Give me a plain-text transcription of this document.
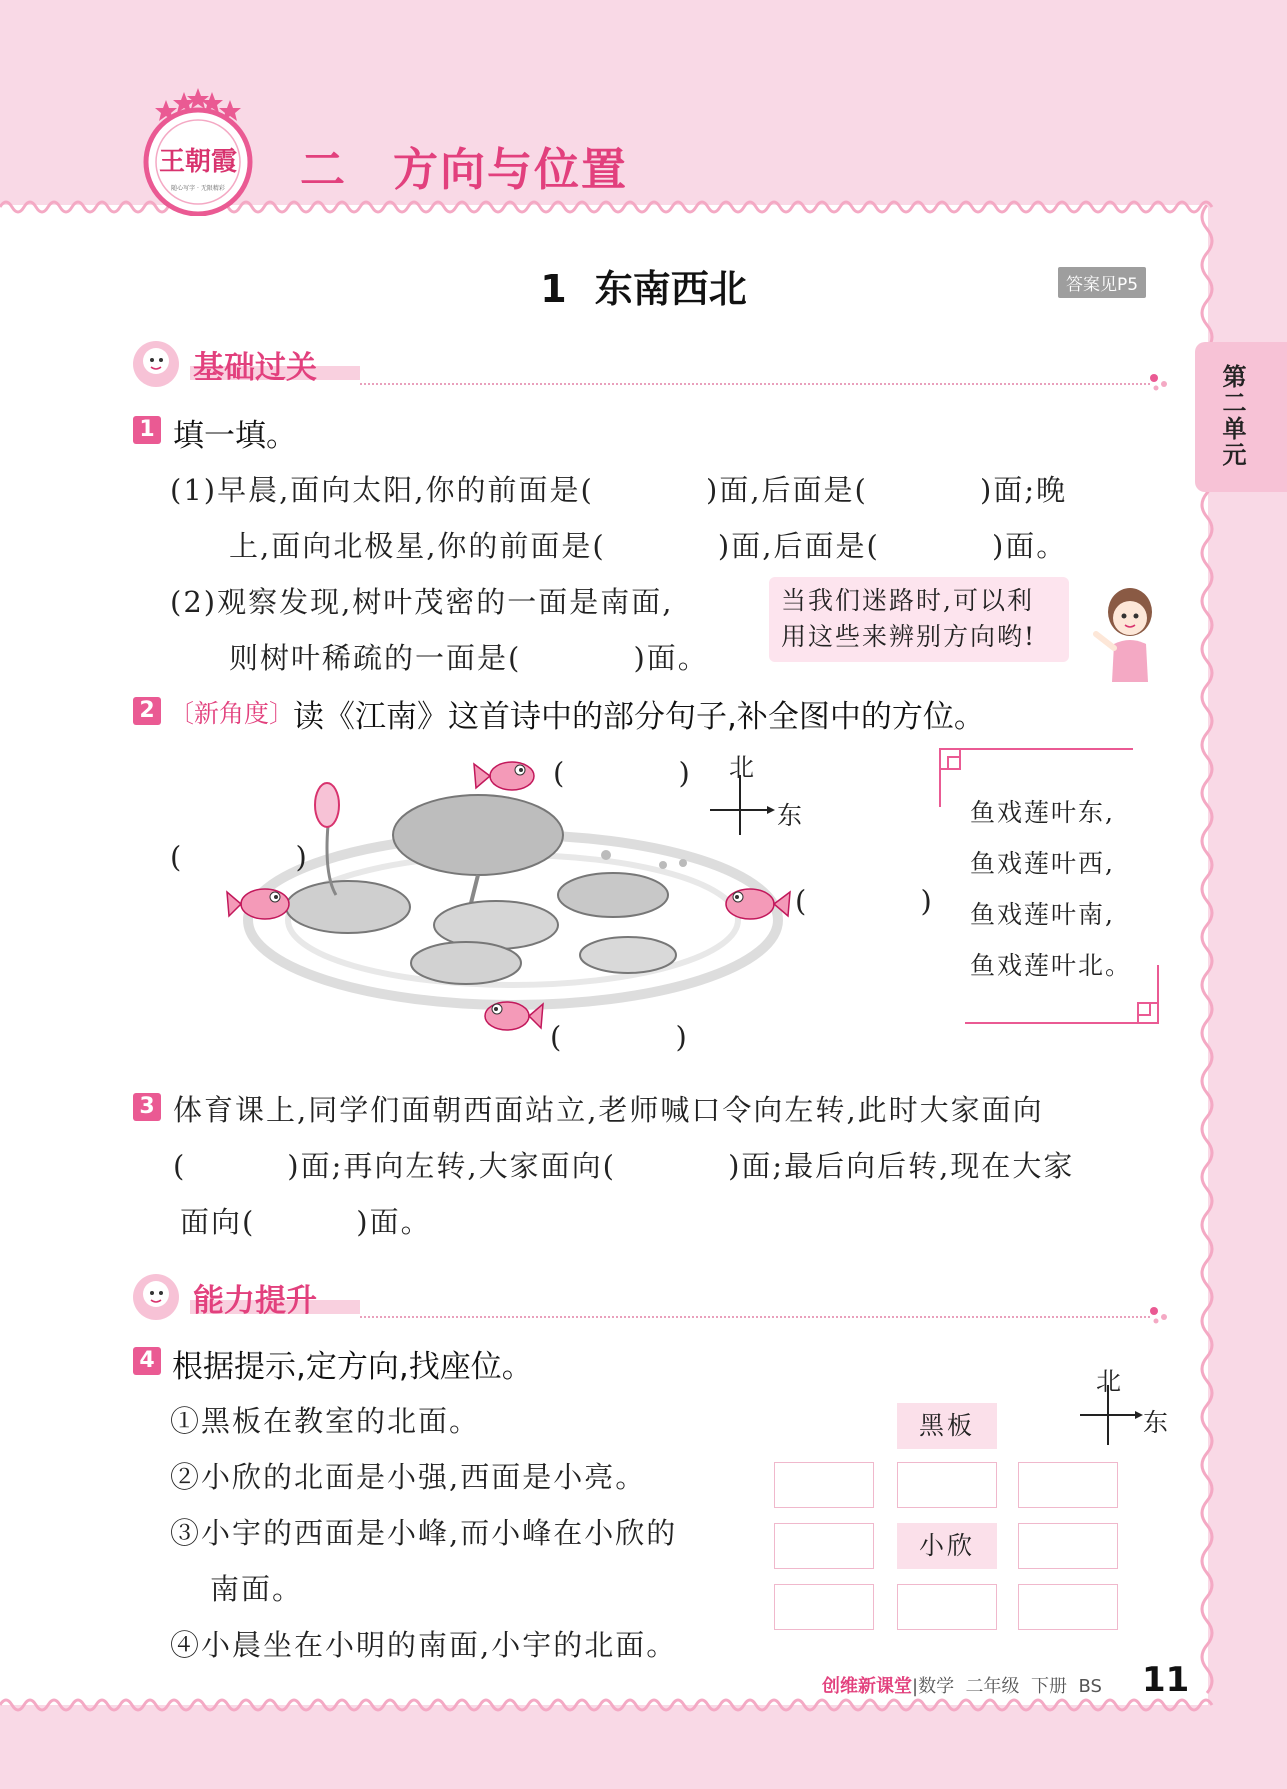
王朝霞
随心写字 · 无限精彩 二 方向与位置
1 东南西北	答案见P5
第二单元
基础过关
1 填一填。
(1)早晨,面向太阳,你的前面是(          )面,后面是(          )面;晚
上,面向北极星,你的前面是(          )面,后面是(          )面。
(2)观察发现,树叶茂密的一面是南面,
则树叶稀疏的一面是(          )面。
当我们迷路时,可以利
用这些来辨别方向哟!
2 〔新角度〕
读《江南》这首诗中的部分句子,补全图中的方位。
(          )
(          )
(          )
(          )
北
东	鱼戏莲叶东,
鱼戏莲叶西,
鱼戏莲叶南,
鱼戏莲叶北。
3 体育课上,同学们面朝西面站立,老师喊口令向左转,此时大家面向
(         )面;再向左转,大家面向(          )面;最后向后转,现在大家
面向(         )面。
能力提升
4 根据提示,定方向,找座位。
①黑板在教室的北面。
②小欣的北面是小强,西面是小亮。
③小宇的西面是小峰,而小峰在小欣的
南面。
④小晨坐在小明的南面,小宇的北面。
黑板
小欣
北
东
创维新课堂|数学 二年级 下册 BS 11
